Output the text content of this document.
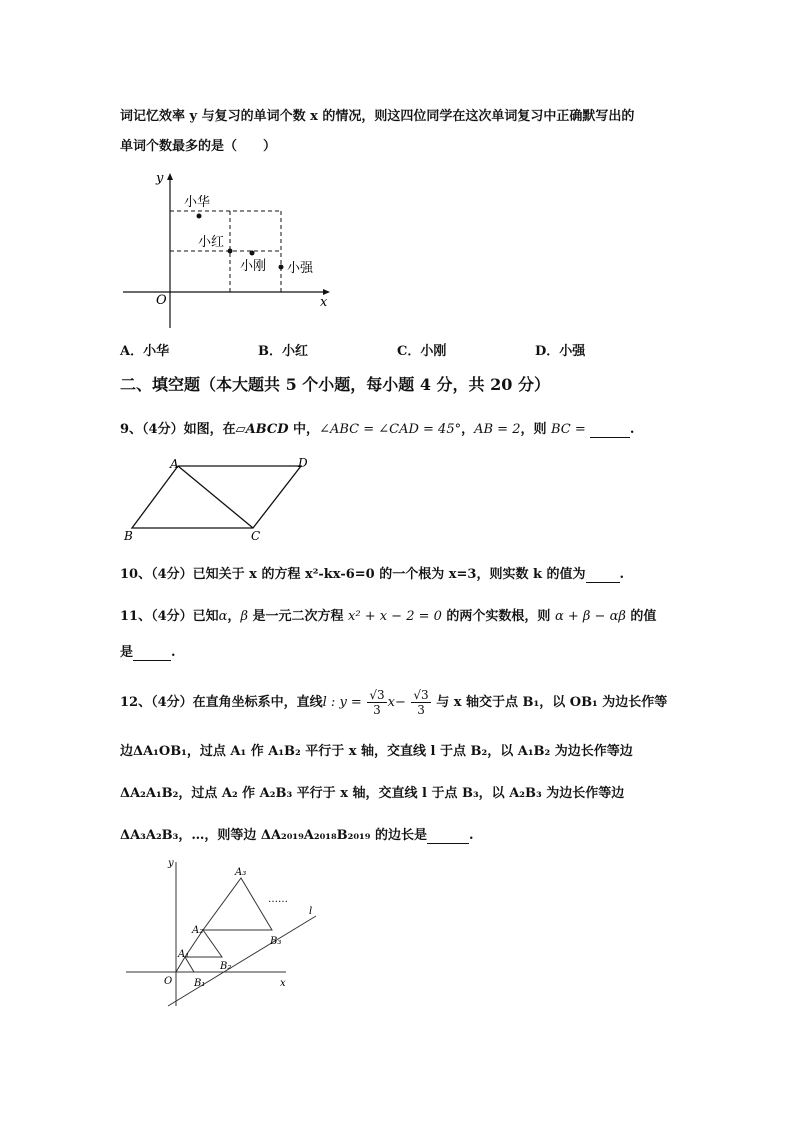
词记忆效率 y 与复习的单词个数 x 的情况，则这四位同学在这次单词复习中正确默写出的
单词个数最多的是（　　）
y
x
O
小华
小红
小刚 小强
A．小华	B．小红	C．小刚	D．小强
二、填空题（本大题共 5 个小题，每小题 4 分，共 20 分）
9、（4分）如图，在▱ABCD 中，∠ABC = ∠CAD = 45°，AB = 2，则 BC =	.
A	D
B	C
10、（4分）已知关于 x 的方程 x²-kx-6=0 的一个根为 x=3，则实数 k 的值为	.
11、（4分）已知α，β 是一元二次方程 x² + x − 2 = 0 的两个实数根，则 α + β − αβ 的值
是	.
12、（4分）在直角坐标系中，直线l : $y = \frac{√3}{3} x- \frac{√3}{3}$ 与 x 轴交于点 B₁，以 OB₁ 为边长作等
边ΔA₁OB₁，过点 A₁ 作 A₁B₂ 平行于 x 轴，交直线 l 于点 B₂，以 A₁B₂ 为边长作等边
ΔA₂A₁B₂，过点 A₂ 作 A₂B₃ 平行于 x 轴，交直线 l 于点 B₃，以 A₂B₃ 为边长作等边
ΔA₃A₂B₃，…，则等边 ΔA₂₀₁₉A₂₀₁₈B₂₀₁₉ 的边长是	.
y
A₃
……
l
A₂
B₃
A₁
B₂
O B₁	x
